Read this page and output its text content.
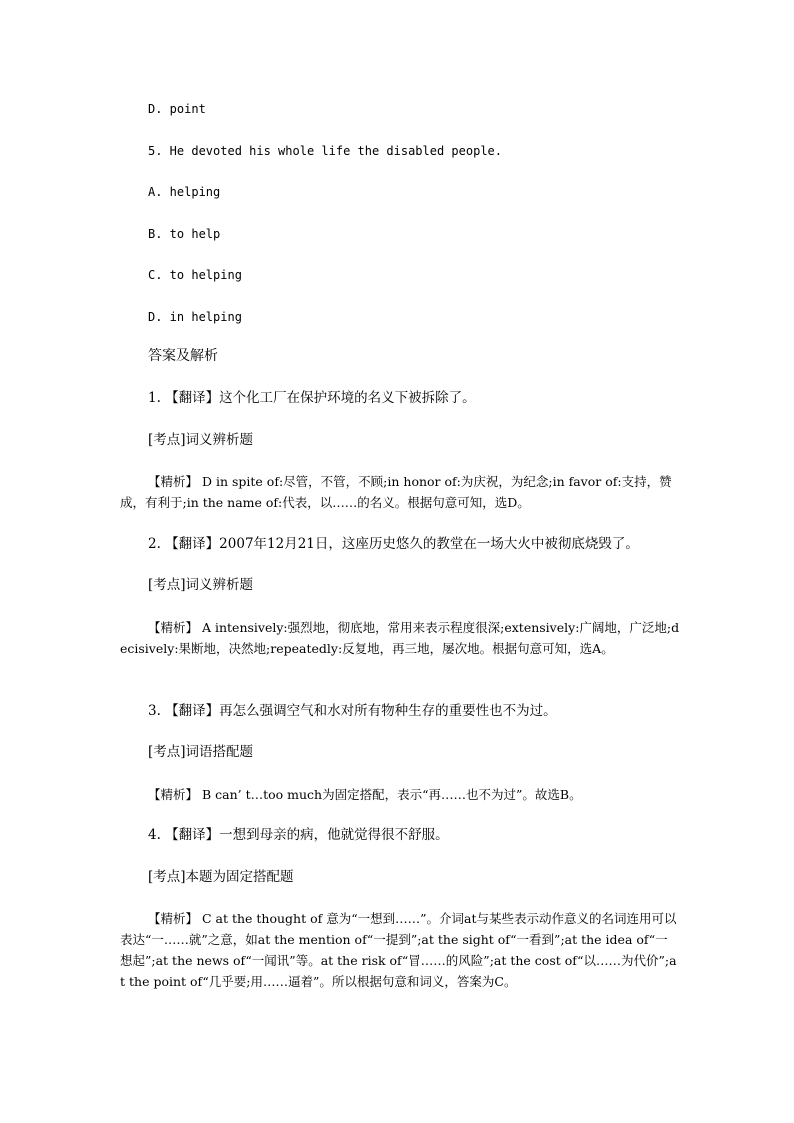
D. point
5. He devoted his whole life the disabled people.
A. helping
B. to help
C. to helping
D. in helping
答案及解析
1. 【翻译】这个化工厂在保护环境的名义下被拆除了。
[考点]词义辨析题
【精析】 D in spite of:尽管，不管，不顾;in honor of:为庆祝，为纪念;in favor of:支持，赞成，有利于;in the name of:代表，以……的名义。根据句意可知，选D。
2. 【翻译】2007年12月21日，这座历史悠久的教堂在一场大火中被彻底烧毁了。
[考点]词义辨析题
【精析】 A intensively:强烈地，彻底地，常用来表示程度很深;extensively:广阔地，广泛地;decisively:果断地，决然地;repeatedly:反复地，再三地，屡次地。根据句意可知，选A。
3. 【翻译】再怎么强调空气和水对所有物种生存的重要性也不为过。
[考点]词语搭配题
【精析】 B can’ t…too much为固定搭配，表示“再……也不为过”。故选B。
4. 【翻译】一想到母亲的病，他就觉得很不舒服。
[考点]本题为固定搭配题
【精析】 C at the thought of 意为“一想到……”。介词at与某些表示动作意义的名词连用可以表达“一……就”之意，如at the mention of“一提到”;at the sight of“一看到”;at the idea of“一想起”;at the news of“一闻讯”等。at the risk of“冒……的风险”;at the cost of“以……为代价”;at the point of“几乎要;用……逼着”。所以根据句意和词义，答案为C。
